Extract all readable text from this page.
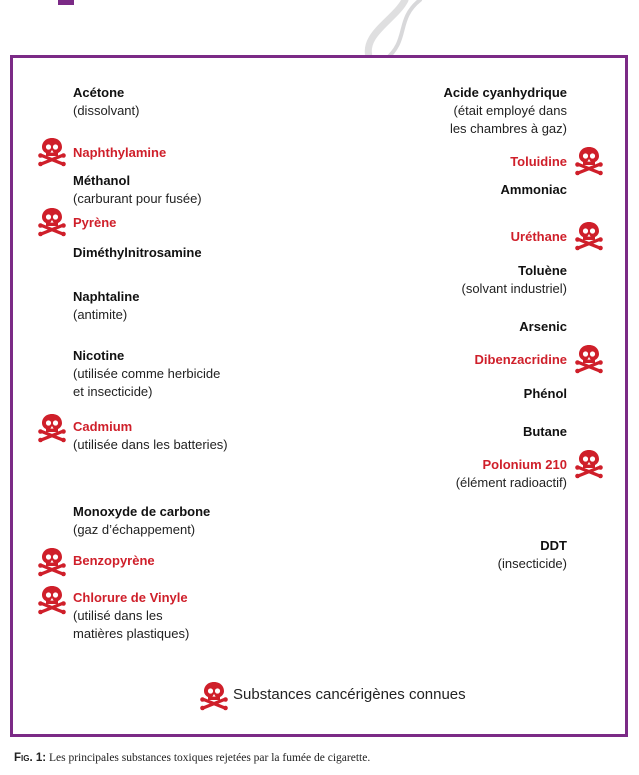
Acétone
(dissolvant)
Naphthylamine
Méthanol
(carburant pour fusée)
Pyrène
Diméthylnitrosamine
Naphtaline
(antimite)
Nicotine
(utilisée comme herbicide
et insecticide)
Cadmium
(utilisée dans les batteries)
Monoxyde de carbone
(gaz d’échappement)
Benzopyrène
Chlorure de Vinyle
(utilisé dans les
matières plastiques)
Acide cyanhydrique
(était employé dans
les chambres à gaz)
Toluidine
Ammoniac
Uréthane
Toluène
(solvant industriel)
Arsenic
Dibenzacridine
Phénol
Butane
Polonium 210
(élément radioactif)
DDT
(insecticide)
Substances cancérigènes connues
Fig. 1: Les principales substances toxiques rejetées par la fumée de cigarette.
